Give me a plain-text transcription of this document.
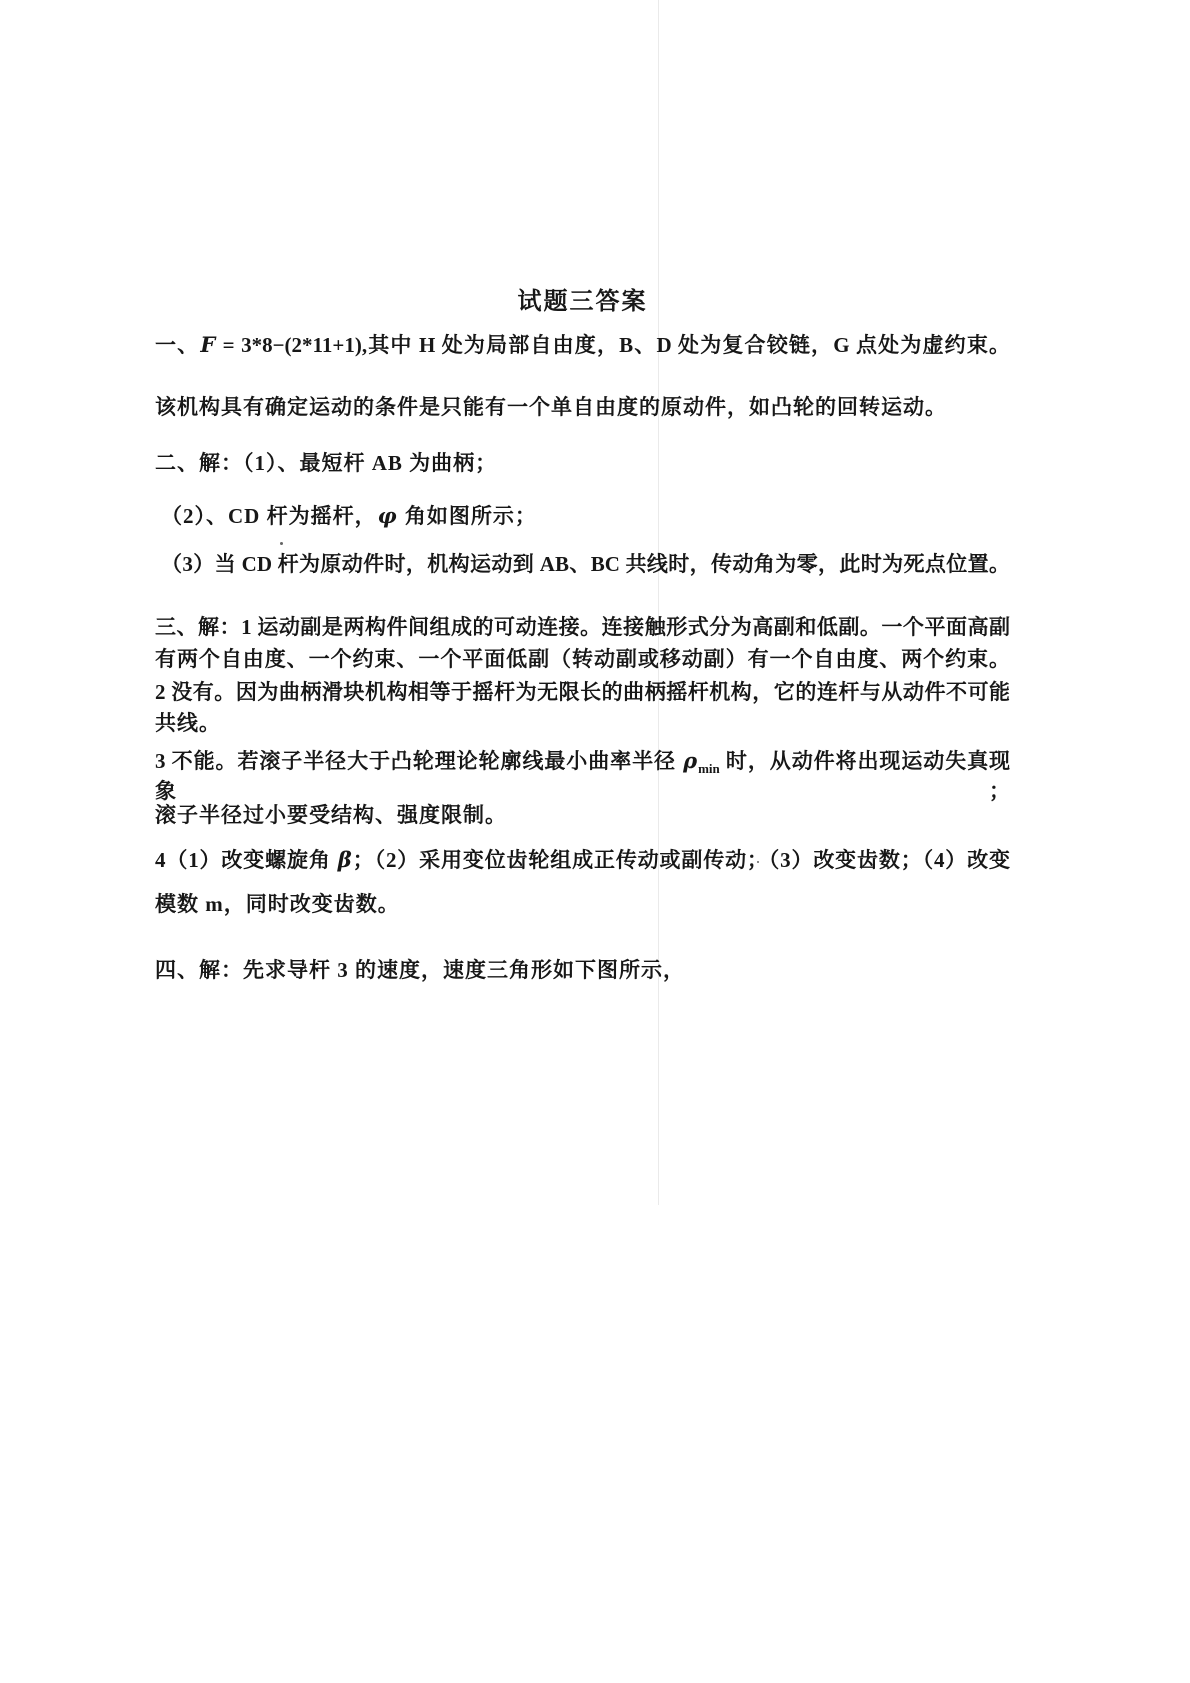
试题三答案
一、F = 3*8−(2*11+1),其中 H 处为局部自由度，B、D 处为复合铰链，G 点处为虚约束。
该机构具有确定运动的条件是只能有一个单自由度的原动件，如凸轮的回转运动。
二、解：（1）、最短杆 AB 为曲柄；
（2）、CD 杆为摇杆，φ 角如图所示；
（3）当 CD 杆为原动件时，机构运动到 AB、BC 共线时，传动角为零，此时为死点位置。
三、解：1 运动副是两构件间组成的可动连接。连接触形式分为高副和低副。一个平面高副
有两个自由度、一个约束、一个平面低副（转动副或移动副）有一个自由度、两个约束。
2 没有。因为曲柄滑块机构相等于摇杆为无限长的曲柄摇杆机构，它的连杆与从动件不可能
共线。
3 不能。若滚子半径大于凸轮理论轮廓线最小曲率半径 $\rho_{min}$ 时，从动件将出现运动失真现象；
滚子半径过小要受结构、强度限制。
4（1）改变螺旋角 β；（2）采用变位齿轮组成正传动或副传动；（3）改变齿数；（4）改变
模数 m，同时改变齿数。
四、解：先求导杆 3 的速度，速度三角形如下图所示，
